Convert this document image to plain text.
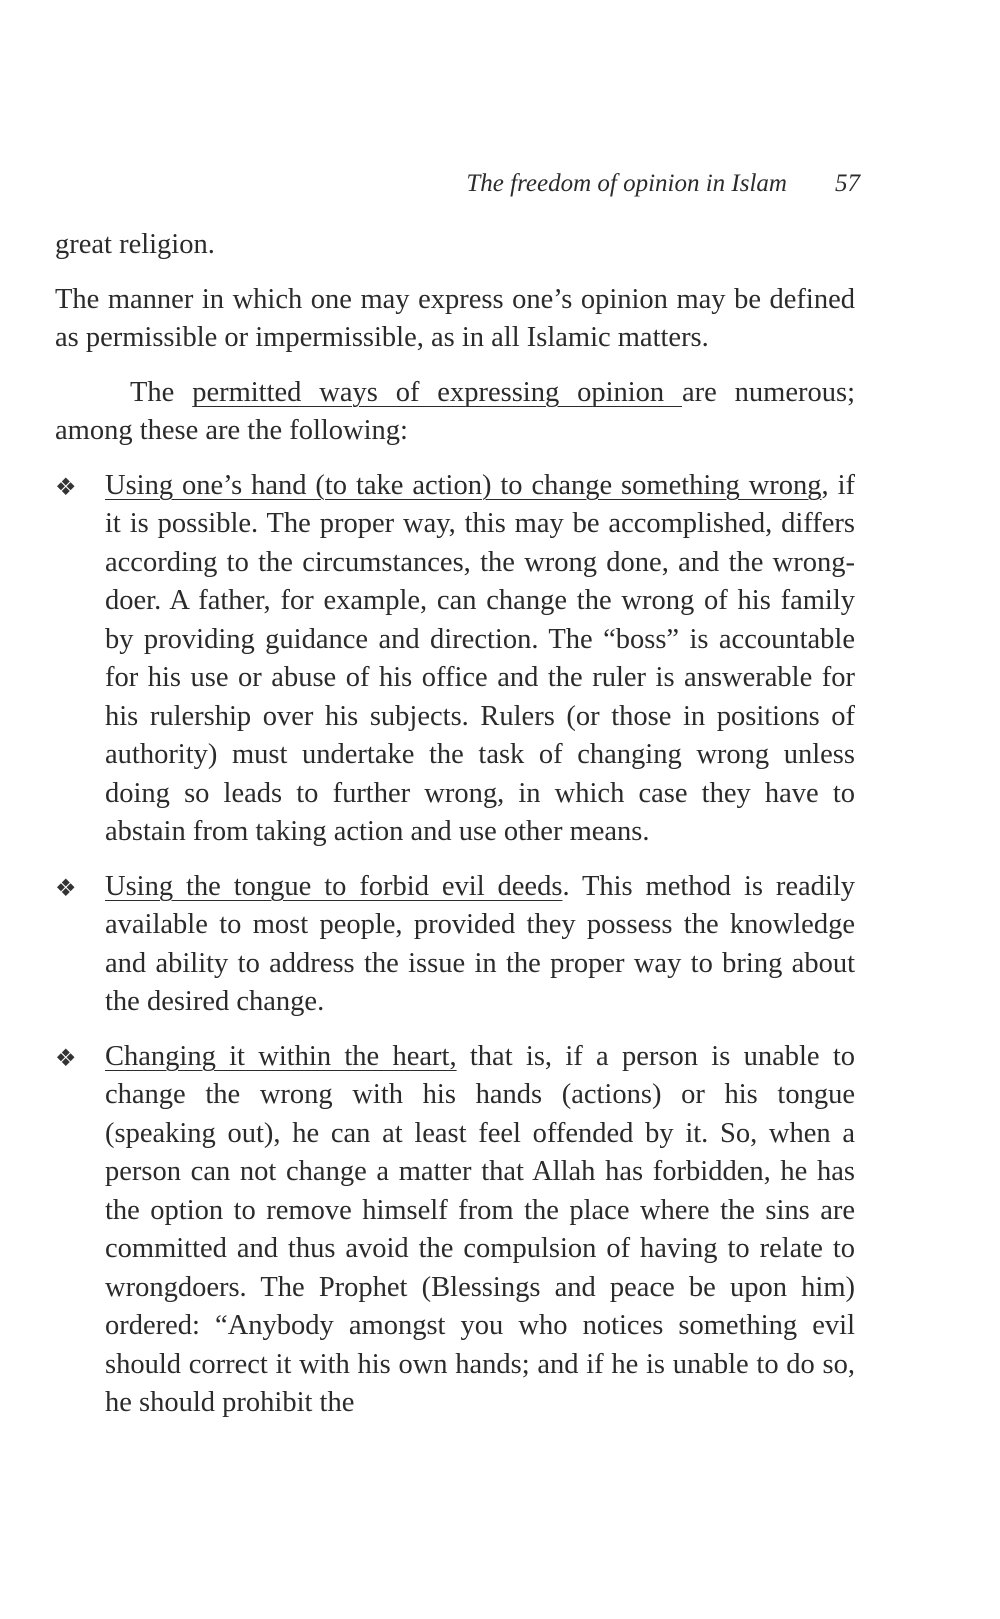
The freedom of opinion in Islam 57

great religion.

The manner in which one may express one’s opinion may be defined as permissible or impermissible, as in all Islamic matters.

The permitted ways of expressing opinion are numerous; among these are the following:

❖ Using one’s hand (to take action) to change something wrong, if it is possible. The proper way, this may be accomplished, differs according to the circumstances, the wrong done, and the wrong-doer. A father, for example, can change the wrong of his family by providing guidance and direction. The “boss” is accountable for his use or abuse of his office and the ruler is answerable for his rulership over his subjects. Rulers (or those in positions of authority) must undertake the task of changing wrong unless doing so leads to further wrong, in which case they have to abstain from taking action and use other means.
❖ Using the tongue to forbid evil deeds. This method is readily available to most people, provided they possess the knowledge and ability to address the issue in the proper way to bring about the desired change.
❖ Changing it within the heart, that is, if a person is unable to change the wrong with his hands (actions) or his tongue (speaking out), he can at least feel offended by it. So, when a person can not change a matter that Allah has forbidden, he has the option to remove himself from the place where the sins are committed and thus avoid the compulsion of having to relate to wrongdoers. The Prophet (Blessings and peace be upon him) ordered: “Anybody amongst you who notices something evil should correct it with his own hands; and if he is unable to do so, he should prohibit the
